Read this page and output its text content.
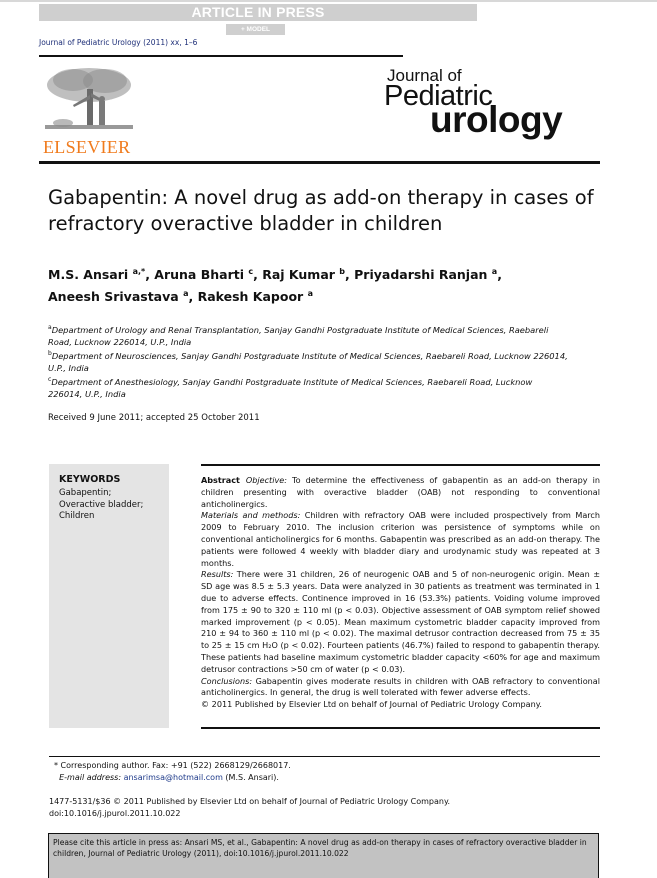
ARTICLE IN PRESS
+ MODEL
Journal of Pediatric Urology (2011) xx, 1–6
ELSEVIER
Journal of
Pediatric
urology
Gabapentin: A novel drug as add-on therapy in cases of refractory overactive bladder in children
M.S. Ansari $^{a,*}$, Aruna Bharti $^c$, Raj Kumar $^b$, Priyadarshi Ranjan $^a$,
Aneesh Srivastava $^a$, Rakesh Kapoor $^a$
$^a$Department of Urology and Renal Transplantation, Sanjay Gandhi Postgraduate Institute of Medical Sciences, Raebareli Road, Lucknow 226014, U.P., India
$^b$Department of Neurosciences, Sanjay Gandhi Postgraduate Institute of Medical Sciences, Raebareli Road, Lucknow 226014, U.P., India
$^c$Department of Anesthesiology, Sanjay Gandhi Postgraduate Institute of Medical Sciences, Raebareli Road, Lucknow 226014, U.P., India
Received 9 June 2011; accepted 25 October 2011
KEYWORDS
Gabapentin;
Overactive bladder;
Children

Abstract Objective: To determine the effectiveness of gabapentin as an add-on therapy in children presenting with overactive bladder (OAB) not responding to conventional anticholinergics.

Materials and methods: Children with refractory OAB were included prospectively from March 2009 to February 2010. The inclusion criterion was persistence of symptoms while on conventional anticholinergics for 6 months. Gabapentin was prescribed as an add-on therapy. The patients were followed 4 weekly with bladder diary and urodynamic study was repeated at 3 months.

Results: There were 31 children, 26 of neurogenic OAB and 5 of non-neurogenic origin. Mean ± SD age was 8.5 ± 5.3 years. Data were analyzed in 30 patients as treatment was terminated in 1 due to adverse effects. Continence improved in 16 (53.3%) patients. Voiding volume improved from 175 ± 90 to 320 ± 110 ml (p < 0.03). Objective assessment of OAB symptom relief showed marked improvement (p < 0.05). Mean maximum cystometric bladder capacity improved from 210 ± 94 to 360 ± 110 ml (p < 0.02). The maximal detrusor contraction decreased from 75 ± 35 to 25 ± 15 cm H₂O (p < 0.02). Fourteen patients (46.7%) failed to respond to gabapentin therapy. These patients had baseline maximum cystometric bladder capacity <60% for age and maximum detrusor contractions >50 cm of water (p < 0.03).

Conclusions: Gabapentin gives moderate results in children with OAB refractory to conventional anticholinergics. In general, the drug is well tolerated with fewer adverse effects.

© 2011 Published by Elsevier Ltd on behalf of Journal of Pediatric Urology Company.

* Corresponding author. Fax: +91 (522) 2668129/2668017.
E-mail address: ansarimsa@hotmail.com (M.S. Ansari).
1477-5131/$36 © 2011 Published by Elsevier Ltd on behalf of Journal of Pediatric Urology Company.
doi:10.1016/j.jpurol.2011.10.022
Please cite this article in press as: Ansari MS, et al., Gabapentin: A novel drug as add-on therapy in cases of refractory overactive bladder in children, Journal of Pediatric Urology (2011), doi:10.1016/j.jpurol.2011.10.022
